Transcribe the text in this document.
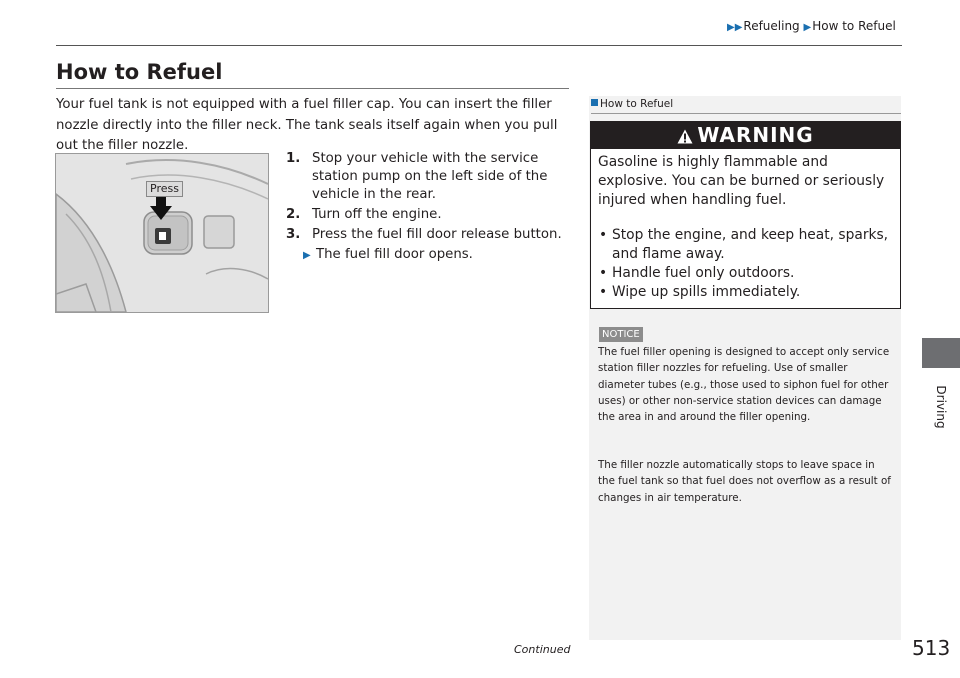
▶▶Refueling ▶How to Refuel
How to Refuel

Your fuel tank is not equipped with a fuel filler cap. You can insert the filler nozzle directly into the filler neck. The tank seals itself again when you pull out the filler nozzle.

Press
1. Stop your vehicle with the service station pump on the left side of the vehicle in the rear.
2. Turn off the engine.
3. Press the fuel fill door release button.
▶ The fuel fill door opens.
How to Refuel
WARNING

Gasoline is highly flammable and explosive. You can be burned or seriously injured when handling fuel.

• Stop the engine, and keep heat, sparks, and flame away.
• Handle fuel only outdoors.
• Wipe up spills immediately.
NOTICE

The fuel filler opening is designed to accept only service station filler nozzles for refueling. Use of smaller diameter tubes (e.g., those used to siphon fuel for other uses) or other non-service station devices can damage the area in and around the filler opening.

The filler nozzle automatically stops to leave space in the fuel tank so that fuel does not overflow as a result of changes in air temperature.

Driving
Continued	513
